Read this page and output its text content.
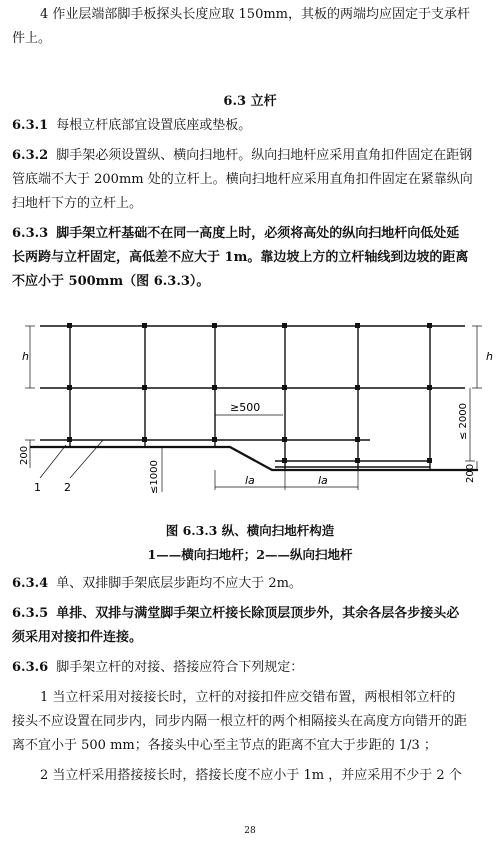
4 作业层端部脚手板探头长度应取 150mm，其板的两端均应固定于支承杆
件上。
6.3 立杆
6.3.1 每根立杆底部宜设置底座或垫板。
6.3.2 脚手架必须设置纵、横向扫地杆。纵向扫地杆应采用直角扣件固定在距钢
管底端不大于 200mm 处的立杆上。横向扫地杆应采用直角扣件固定在紧靠纵向
扫地杆下方的立杆上。
6.3.3 脚手架立杆基础不在同一高度上时，必须将高处的纵向扫地杆向低处延
长两跨与立杆固定，高低差不应大于 1m。靠边坡上方的立杆轴线到边坡的距离
不应小于 500mm（图 6.3.3）。
h	h
≥500	≤ 2000
200
200
≤1000	la	la
1 2
图 6.3.3 纵、横向扫地杆构造
1——横向扫地杆；2——纵向扫地杆
6.3.4 单、双排脚手架底层步距均不应大于 2m。
6.3.5 单排、双排与满堂脚手架立杆接长除顶层顶步外，其余各层各步接头必
须采用对接扣件连接。
6.3.6 脚手架立杆的对接、搭接应符合下列规定：
1 当立杆采用对接接长时，立杆的对接扣件应交错布置，两根相邻立杆的
接头不应设置在同步内，同步内隔一根立杆的两个相隔接头在高度方向错开的距
离不宜小于 500 mm；各接头中心至主节点的距离不宜大于步距的 1/3 ；
2 当立杆采用搭接接长时，搭接长度不应小于 1m ，并应采用不少于 2 个
28
